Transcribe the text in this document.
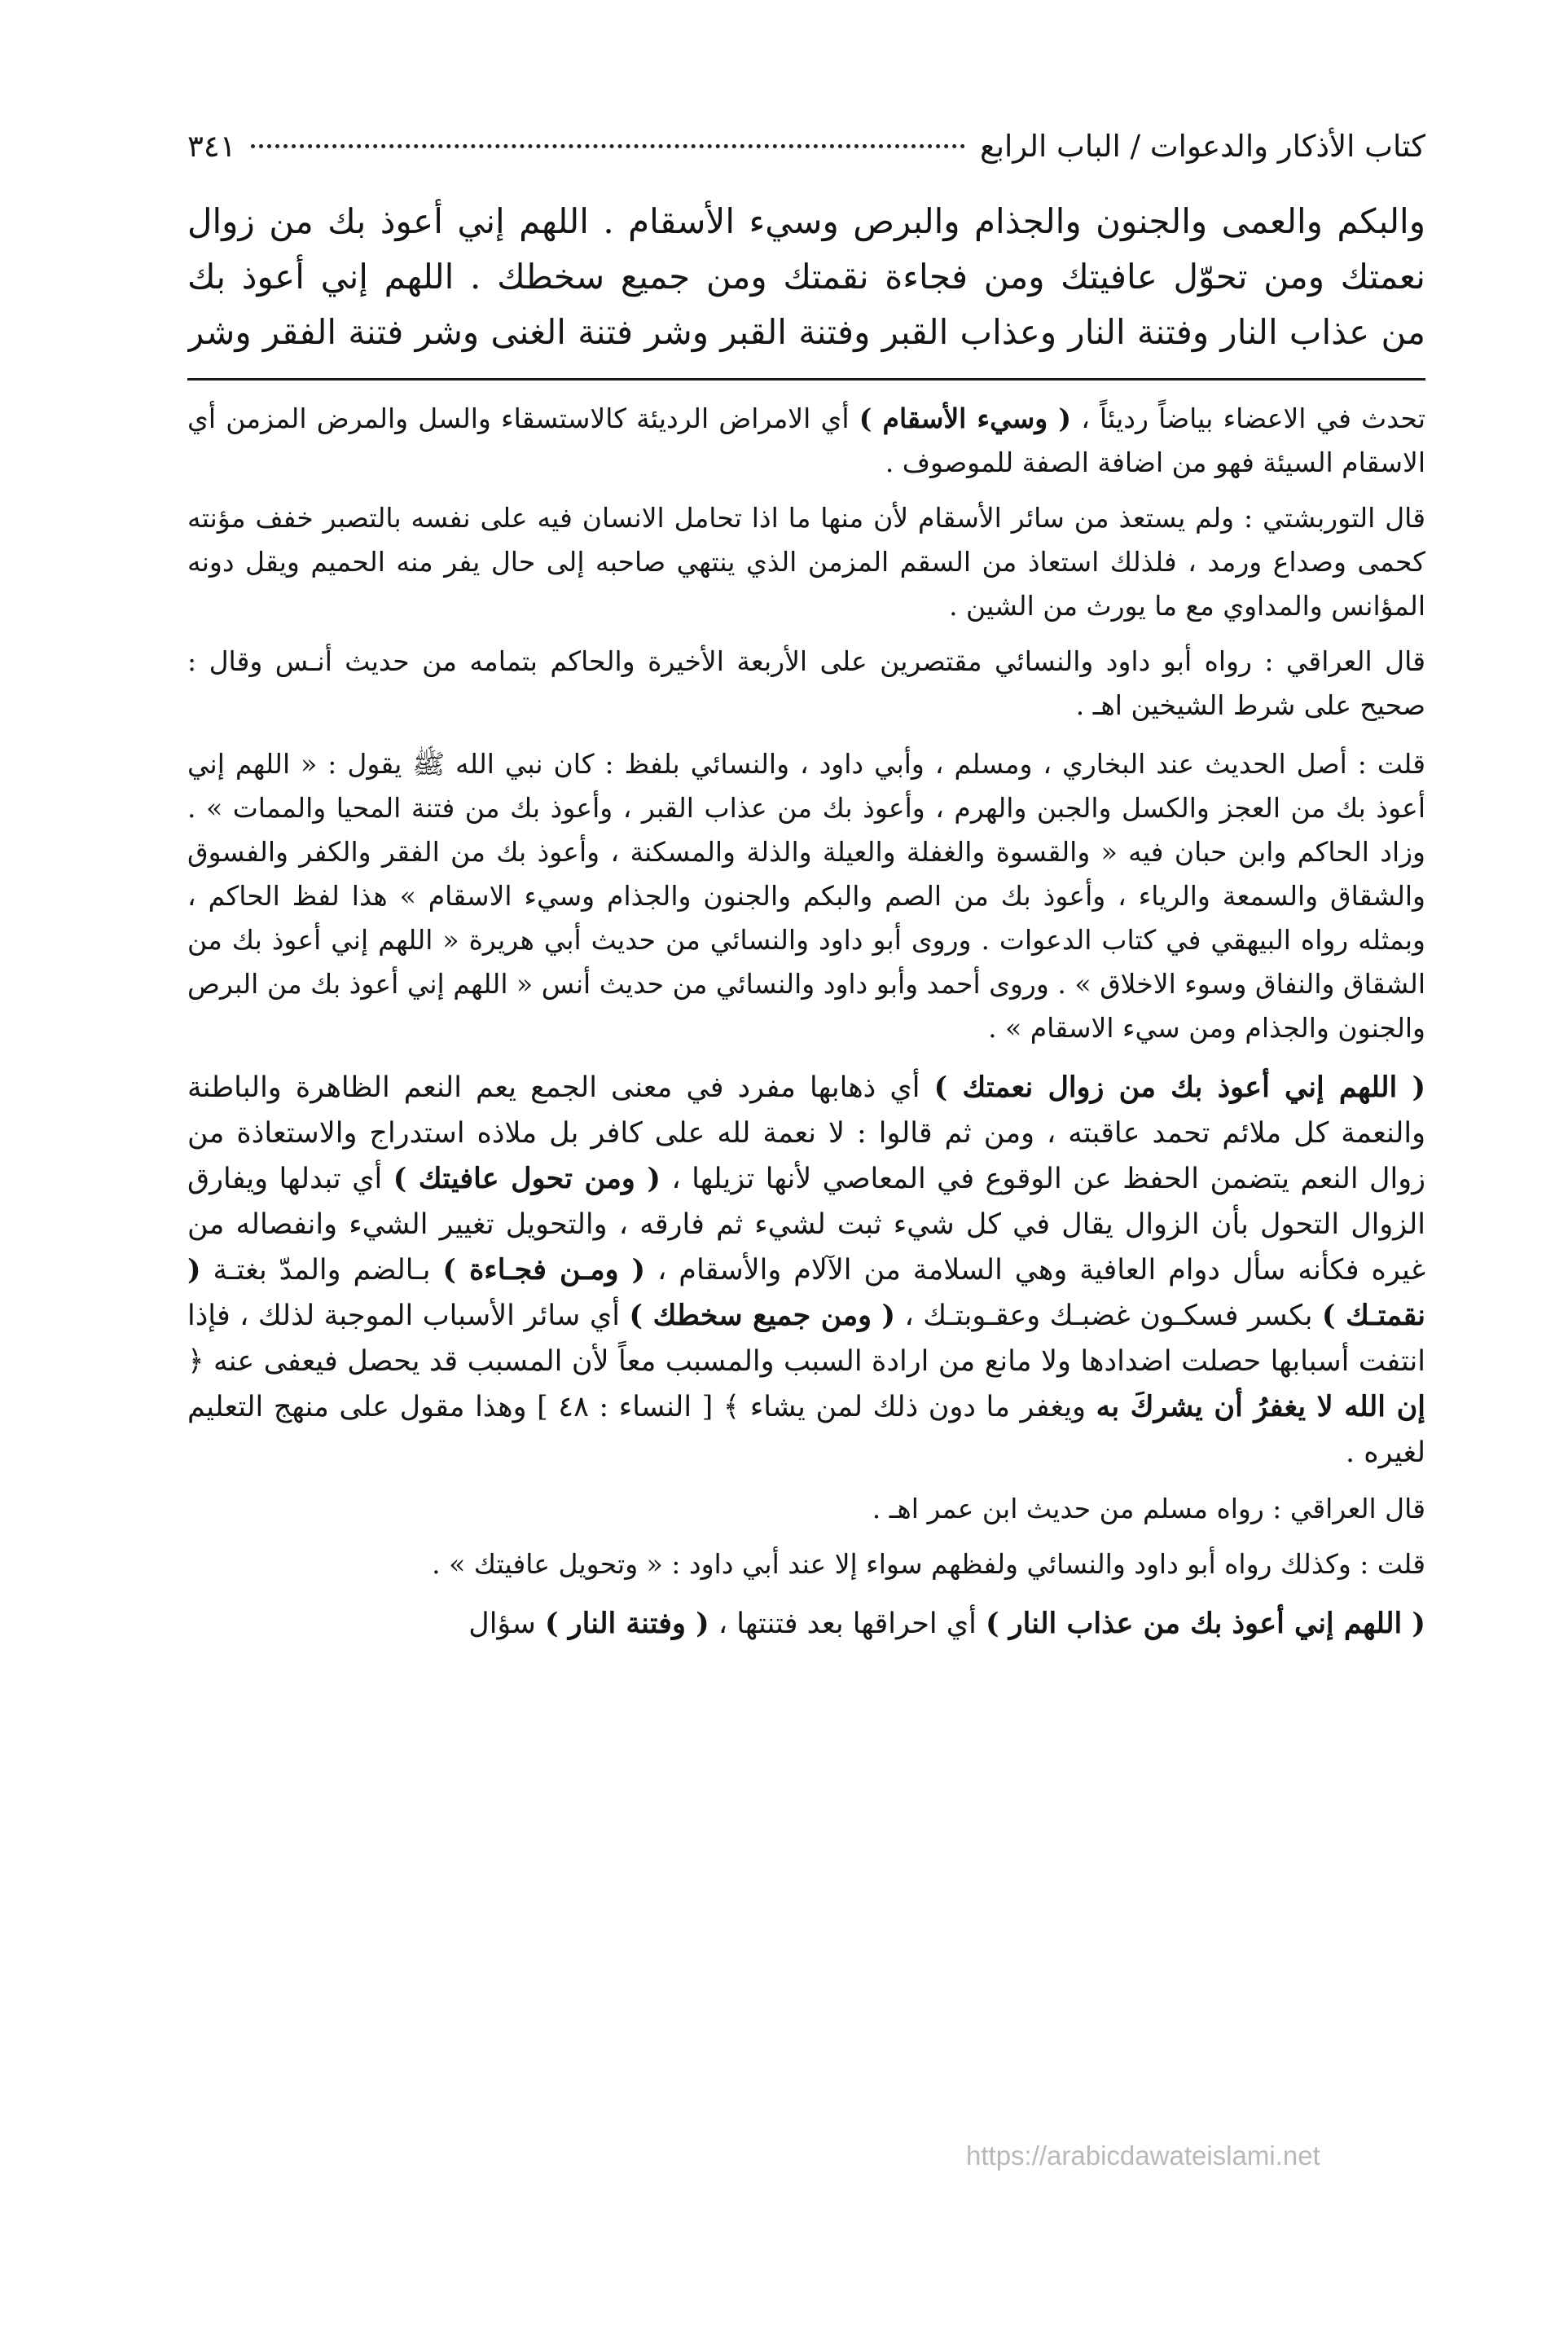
كتاب الأذكار والدعوات / الباب الرابع
٣٤١

والبكم والعمى والجنون والجذام والبرص وسيء الأسقام . اللهم إني أعوذ بك من زوال

نعمتك ومن تحوّل عافيتك ومن فجاءة نقمتك ومن جميع سخطك . اللهم إني أعوذ بك

من عذاب النار وفتنة النار وعذاب القبر وفتنة القبر وشر فتنة الغنى وشر فتنة الفقر وشر

تحدث في الاعضاء بياضاً رديئاً ، ( وسيء الأسقام ) أي الامراض الرديئة كالاستسقاء والسل والمرض المزمن أي الاسقام السيئة فهو من اضافة الصفة للموصوف .

قال التوربشتي : ولم يستعذ من سائر الأسقام لأن منها ما اذا تحامل الانسان فيه على نفسه بالتصبر خفف مؤنته كحمى وصداع ورمد ، فلذلك استعاذ من السقم المزمن الذي ينتهي صاحبه إلى حال يفر منه الحميم ويقل دونه المؤانس والمداوي مع ما يورث من الشين .

قال العراقي : رواه أبو داود والنسائي مقتصرين على الأربعة الأخيرة والحاكم بتمامه من حديث أنـس وقال : صحيح على شرط الشيخين اهـ .

قلت : أصل الحديث عند البخاري ، ومسلم ، وأبي داود ، والنسائي بلفظ : كان نبي الله ﷺ يقول : « اللهم إني أعوذ بك من العجز والكسل والجبن والهرم ، وأعوذ بك من عذاب القبر ، وأعوذ بك من فتنة المحيا والممات » . وزاد الحاكم وابن حبان فيه « والقسوة والغفلة والعيلة والذلة والمسكنة ، وأعوذ بك من الفقر والكفر والفسوق والشقاق والسمعة والرياء ، وأعوذ بك من الصم والبكم والجنون والجذام وسيء الاسقام » هذا لفظ الحاكم ، وبمثله رواه البيهقي في كتاب الدعوات . وروى أبو داود والنسائي من حديث أبي هريرة « اللهم إني أعوذ بك من الشقاق والنفاق وسوء الاخلاق » . وروى أحمد وأبو داود والنسائي من حديث أنس « اللهم إني أعوذ بك من البرص والجنون والجذام ومن سيء الاسقام » .

( اللهم إني أعوذ بك من زوال نعمتك ) أي ذهابها مفرد في معنى الجمع يعم النعم الظاهرة والباطنة والنعمة كل ملائم تحمد عاقبته ، ومن ثم قالوا : لا نعمة لله على كافر بل ملاذه استدراج والاستعاذة من زوال النعم يتضمن الحفظ عن الوقوع في المعاصي لأنها تزيلها ، ( ومن تحول عافيتك ) أي تبدلها ويفارق الزوال التحول بأن الزوال يقال في كل شيء ثبت لشيء ثم فارقه ، والتحويل تغيير الشيء وانفصاله من غيره فكأنه سأل دوام العافية وهي السلامة من الآلام والأسقام ، ( ومـن فجـاءة ) بـالضم والمدّ بغتـة ( نقمتـك ) بكسر فسكـون غضبـك وعقـوبتـك ، ( ومن جميع سخطك ) أي سائر الأسباب الموجبة لذلك ، فإذا انتفت أسبابها حصلت اضدادها ولا مانع من ارادة السبب والمسبب معاً لأن المسبب قد يحصل فيعفى عنه ﴿ إن الله لا يغفرُ أن يشركَ به ويغفر ما دون ذلك لمن يشاء ﴾ [ النساء : ٤٨ ] وهذا مقول على منهج التعليم لغيره .

قال العراقي : رواه مسلم من حديث ابن عمر اهـ .

قلت : وكذلك رواه أبو داود والنسائي ولفظهم سواء إلا عند أبي داود : « وتحويل عافيتك » .

( اللهم إني أعوذ بك من عذاب النار ) أي احراقها بعد فتنتها ، ( وفتنة النار ) سؤال

https://arabicdawateislami.net
